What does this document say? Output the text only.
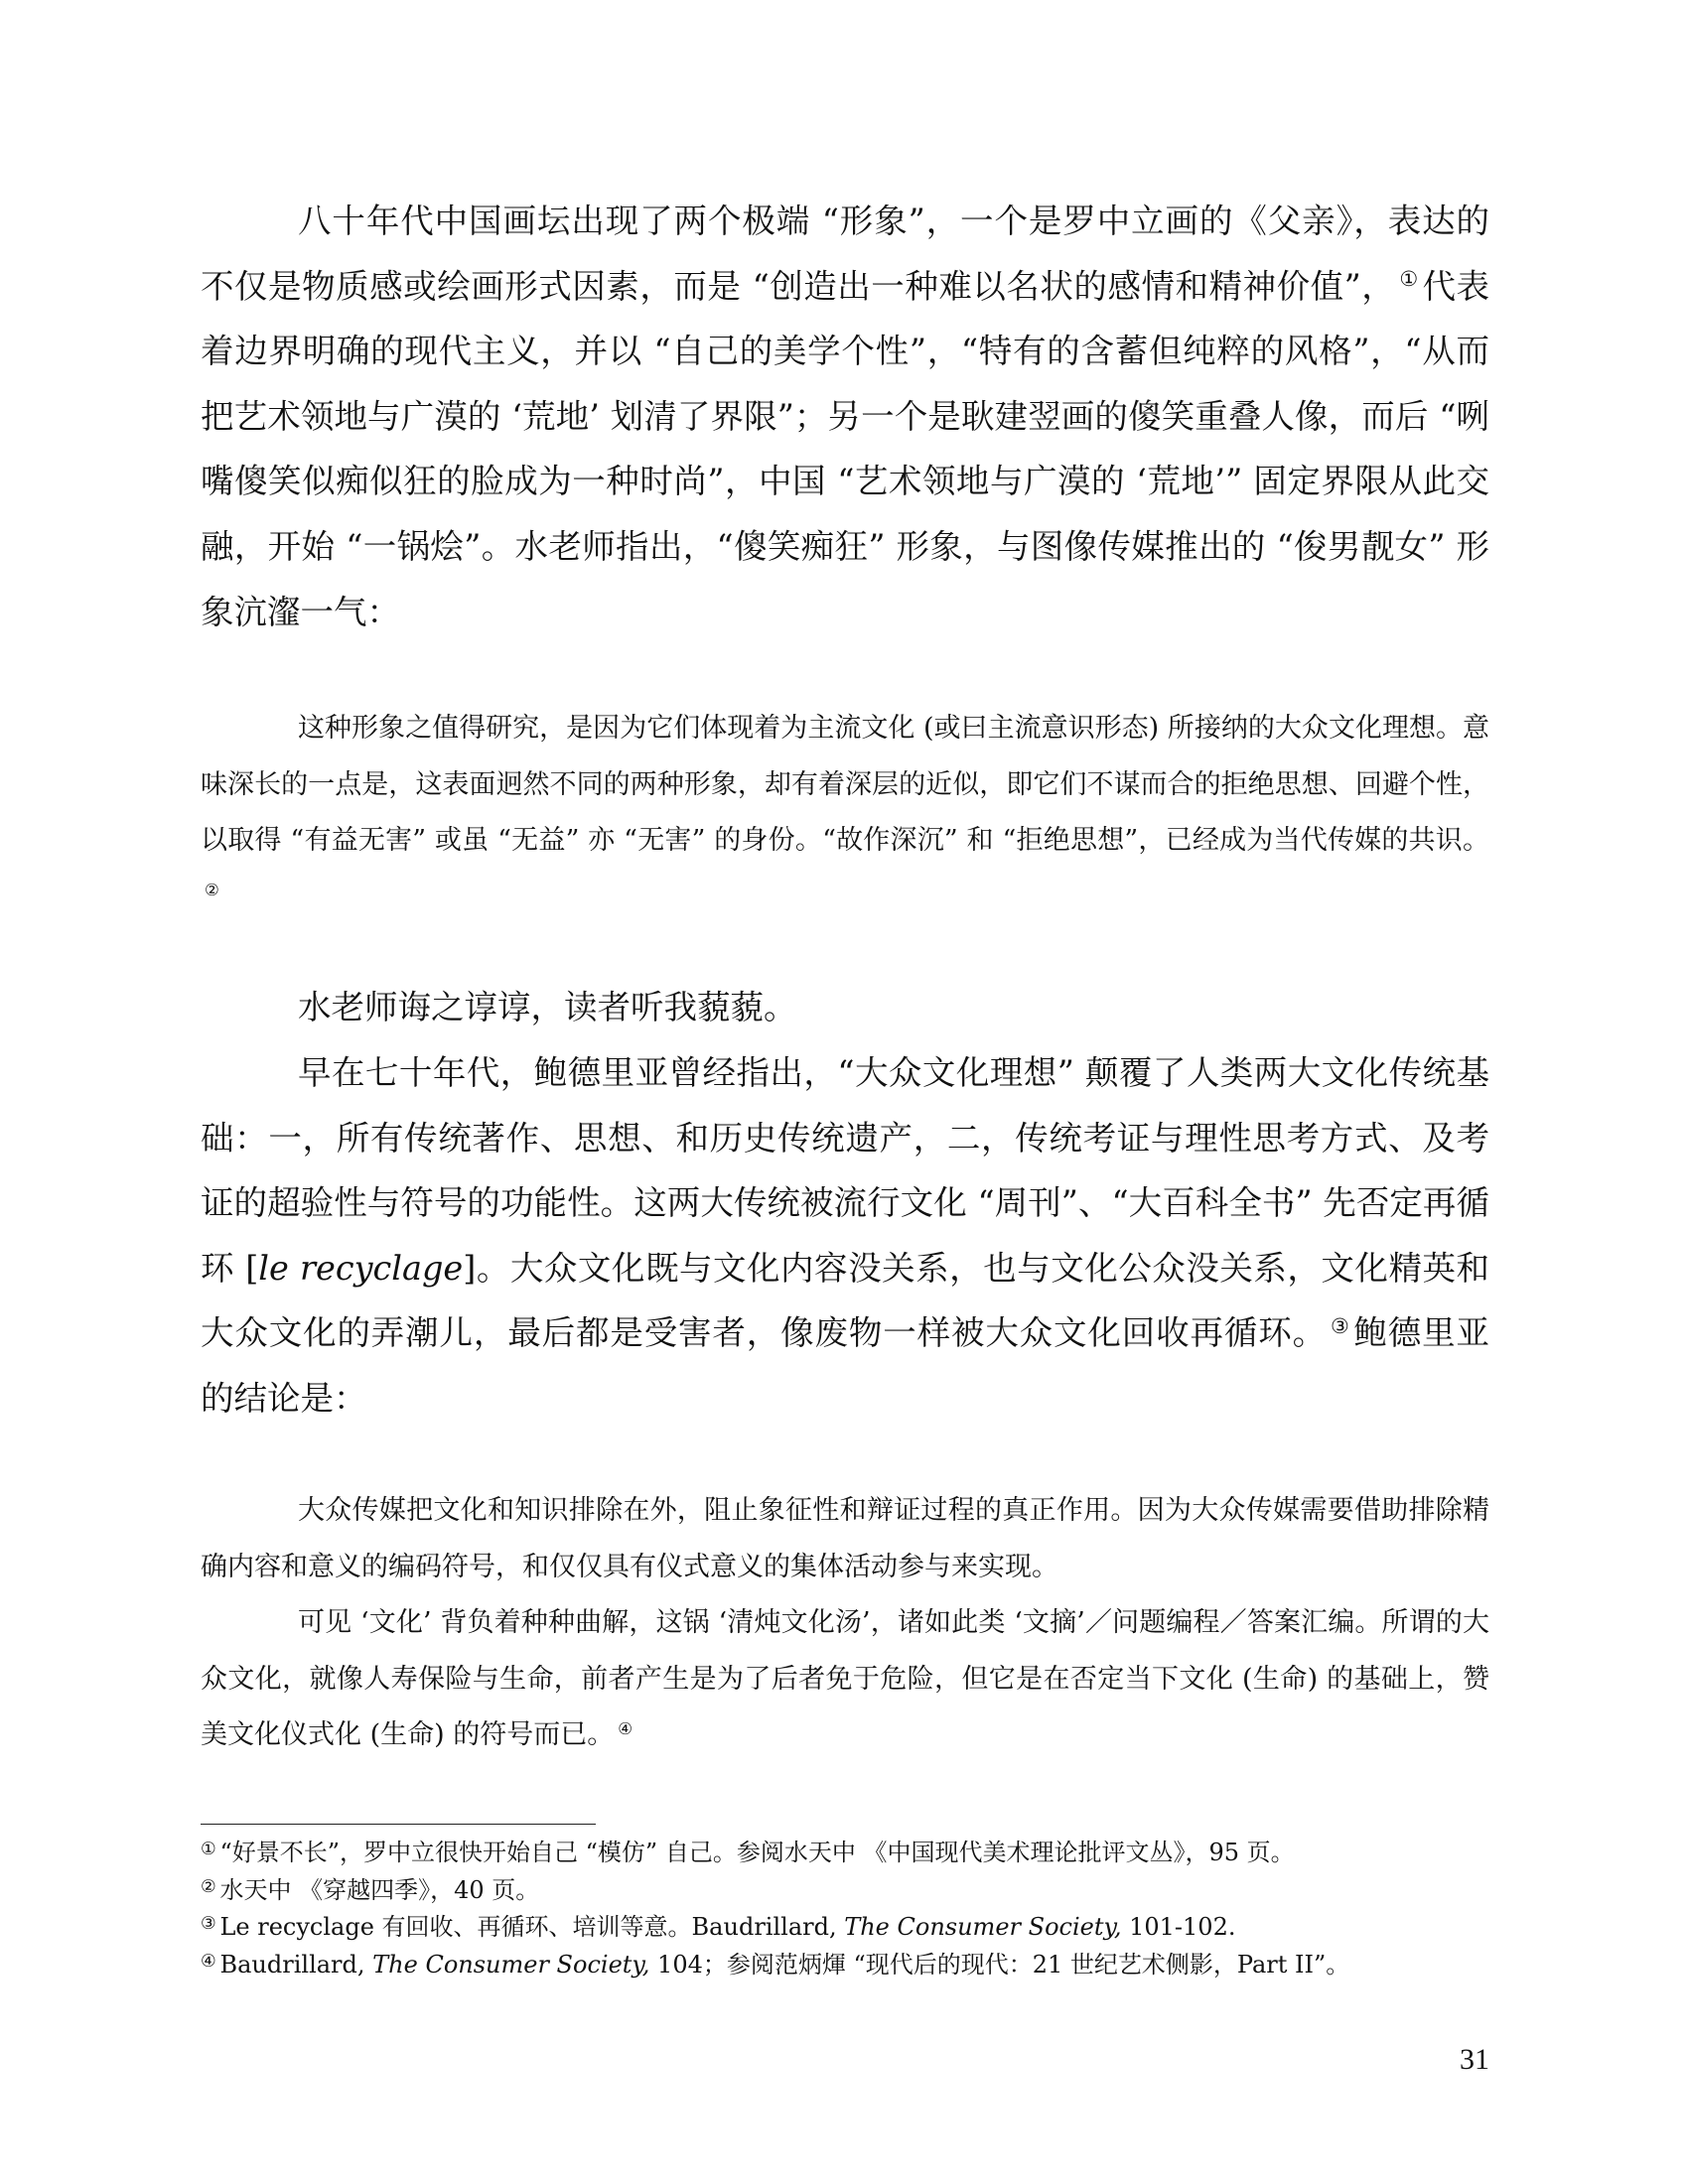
八十年代中国画坛出现了两个极端 “形象”，一个是罗中立画的《父亲》，表达的不仅是物质感或绘画形式因素，而是 “创造出一种难以名状的感情和精神价值”， ① 代表着边界明确的现代主义，并以 “自己的美学个性”，“特有的含蓄但纯粹的风格”，“从而把艺术领地与广漠的 ‘荒地’ 划清了界限”；另一个是耿建翌画的傻笑重叠人像，而后 “咧嘴傻笑似痴似狂的脸成为一种时尚”，中国 “艺术领地与广漠的 ‘荒地’” 固定界限从此交融，开始 “一锅烩”。水老师指出，“傻笑痴狂” 形象，与图像传媒推出的 “俊男靓女” 形象沆瀣一气：

这种形象之值得研究，是因为它们体现着为主流文化 (或曰主流意识形态) 所接纳的大众文化理想。意味深长的一点是，这表面迥然不同的两种形象，却有着深层的近似，即它们不谋而合的拒绝思想、回避个性，以取得 “有益无害” 或虽 “无益” 亦 “无害” 的身份。“故作深沉” 和 “拒绝思想”，已经成为当代传媒的共识。②

水老师诲之谆谆，读者听我藐藐。

早在七十年代，鲍德里亚曾经指出，“大众文化理想” 颠覆了人类两大文化传统基础：一，所有传统著作、思想、和历史传统遗产，二，传统考证与理性思考方式、及考证的超验性与符号的功能性。这两大传统被流行文化 “周刊”、“大百科全书” 先否定再循环 [le recyclage]。大众文化既与文化内容没关系，也与文化公众没关系，文化精英和大众文化的弄潮儿，最后都是受害者，像废物一样被大众文化回收再循环。 ③ 鲍德里亚的结论是：

大众传媒把文化和知识排除在外，阻止象征性和辩证过程的真正作用。因为大众传媒需要借助排除精确内容和意义的编码符号，和仅仅具有仪式意义的集体活动参与来实现。

可见 ‘文化’ 背负着种种曲解，这锅 ‘清炖文化汤’，诸如此类 ‘文摘’／问题编程／答案汇编。所谓的大众文化，就像人寿保险与生命，前者产生是为了后者免于危险，但它是在否定当下文化 (生命) 的基础上，赞美文化仪式化 (生命) 的符号而已。 ④

① “好景不长”，罗中立很快开始自己 “模仿” 自己。参阅水天中 《中国现代美术理论批评文丛》，95 页。
② 水天中 《穿越四季》，40 页。
③ Le recyclage 有回收、再循环、培训等意。Baudrillard, The Consumer Society, 101-102.
④ Baudrillard, The Consumer Society, 104；参阅范炳煇 “现代后的现代：21 世纪艺术侧影，Part II”。
31
